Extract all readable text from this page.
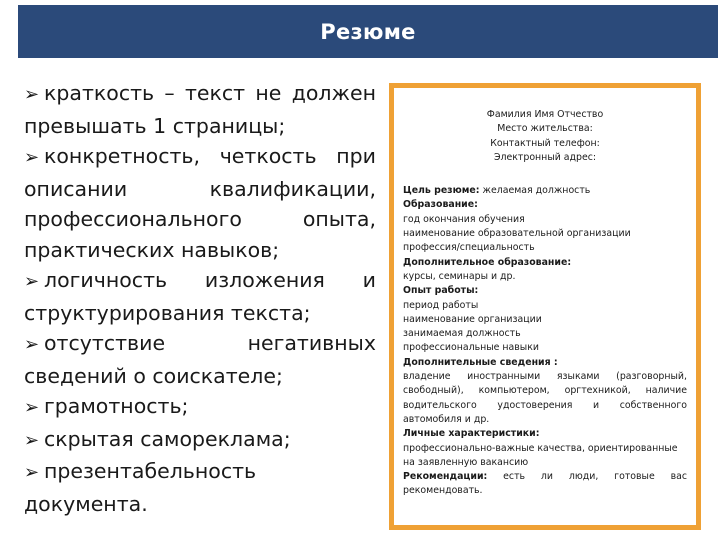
Резюме

➢ краткость – текст не должен превышать 1 страницы;

➢ конкретность, четкость при описании квалификации, профессионального опыта, практических навыков;

➢ логичность изложения и структурирования текста;

➢ отсутствие негативных сведений о соискателе;

➢ грамотность;

➢ скрытая самореклама;

➢ презентабельность документа.

Фамилия Имя Отчество
Место жительства:
Контактный телефон:
Электронный адрес:
Цель резюме: желаемая должность
Образование:
год окончания обучения
наименование образовательной организации
профессия/специальность
Дополнительное образование:
курсы, семинары и др.
Опыт работы:
период работы
наименование организации
занимаемая должность
профессиональные навыки
Дополнительные сведения :
владение иностранными языками (разговорный, свободный), компьютером, оргтехникой, наличие водительского удостоверения и собственного автомобиля и др.
Личные характеристики:
профессионально-важные качества, ориентированные на заявленную вакансию
Рекомендации: есть ли люди, готовые вас рекомендовать.
